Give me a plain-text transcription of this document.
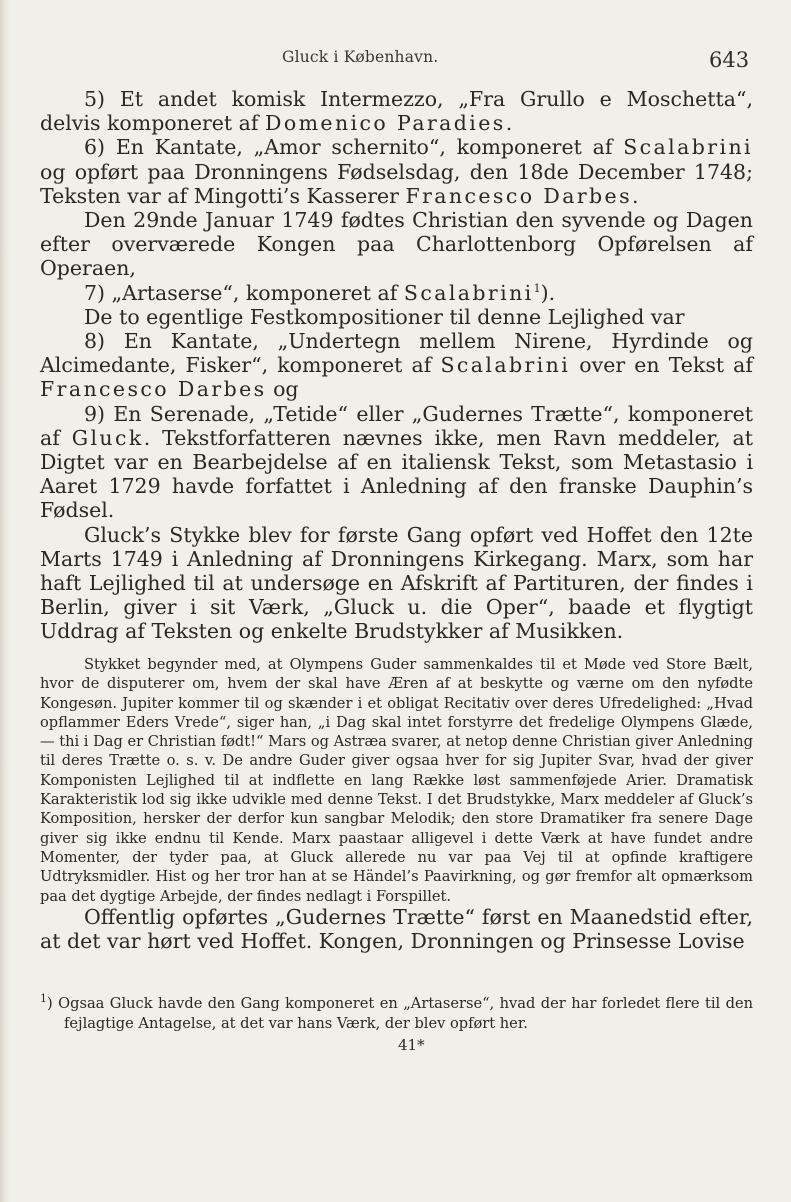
Gluck i København.	643

5) Et andet komisk Intermezzo, „Fra Grullo e Moschetta“, delvis komponeret af Domenico Paradies.

6) En Kantate, „Amor schernito“, komponeret af Scalabrini og opført paa Dronningens Fødselsdag, den 18de December 1748; Teksten var af Mingotti’s Kasserer Francesco Darbes.

Den 29nde Januar 1749 fødtes Christian den syvende og Dagen efter overværede Kongen paa Charlottenborg Opførelsen af Operaen,

7) „Artaserse“, komponeret af Scalabrini$^1$).

De to egentlige Festkompositioner til denne Lejlighed var

8) En Kantate, „Undertegn mellem Nirene, Hyrdinde og Alcimedante, Fisker“, komponeret af Scalabrini over en Tekst af Francesco Darbes og

9) En Serenade, „Tetide“ eller „Gudernes Trætte“, komponeret af Gluck. Tekstforfatteren nævnes ikke, men Ravn meddeler, at Digtet var en Bearbejdelse af en italiensk Tekst, som Metastasio i Aaret 1729 havde forfattet i Anledning af den franske Dauphin’s Fødsel.

Gluck’s Stykke blev for første Gang opført ved Hoffet den 12te Marts 1749 i Anledning af Dronningens Kirkegang. Marx, som har haft Lejlighed til at undersøge en Afskrift af Partituren, der findes i Berlin, giver i sit Værk, „Gluck u. die Oper“, baade et flygtigt Uddrag af Teksten og enkelte Brudstykker af Musikken.

Stykket begynder med, at Olympens Guder sammenkaldes til et Møde ved Store Bælt, hvor de disputerer om, hvem der skal have Æren af at beskytte og værne om den nyfødte Kongesøn. Jupiter kommer til og skænder i et obligat Recitativ over deres Ufredelighed: „Hvad opflammer Eders Vrede“, siger han, „i Dag skal intet forstyrre det fredelige Olympens Glæde, — thi i Dag er Christian født!“ Mars og Astræa svarer, at netop denne Christian giver Anledning til deres Trætte o. s. v. De andre Guder giver ogsaa hver for sig Jupiter Svar, hvad der giver Komponisten Lejlighed til at indflette en lang Række løst sammenføjede Arier. Dramatisk Karakteristik lod sig ikke udvikle med denne Tekst. I det Brudstykke, Marx meddeler af Gluck’s Komposition, hersker der derfor kun sangbar Melodik; den store Dramatiker fra senere Dage giver sig ikke endnu til Kende. Marx paastaar alligevel i dette Værk at have fundet andre Momenter, der tyder paa, at Gluck allerede nu var paa Vej til at opfinde kraftigere Udtryksmidler. Hist og her tror han at se Händel’s Paavirkning, og gør fremfor alt opmærksom paa det dygtige Arbejde, der findes nedlagt i Forspillet.

Offentlig opførtes „Gudernes Trætte“ først en Maanedstid efter, at det var hørt ved Hoffet. Kongen, Dronningen og Prinsesse Lovise

$^1$) Ogsaa Gluck havde den Gang komponeret en „Artaserse“, hvad der har forledet flere til den fejlagtige Antagelse, at det var hans Værk, der blev opført her.

41*
